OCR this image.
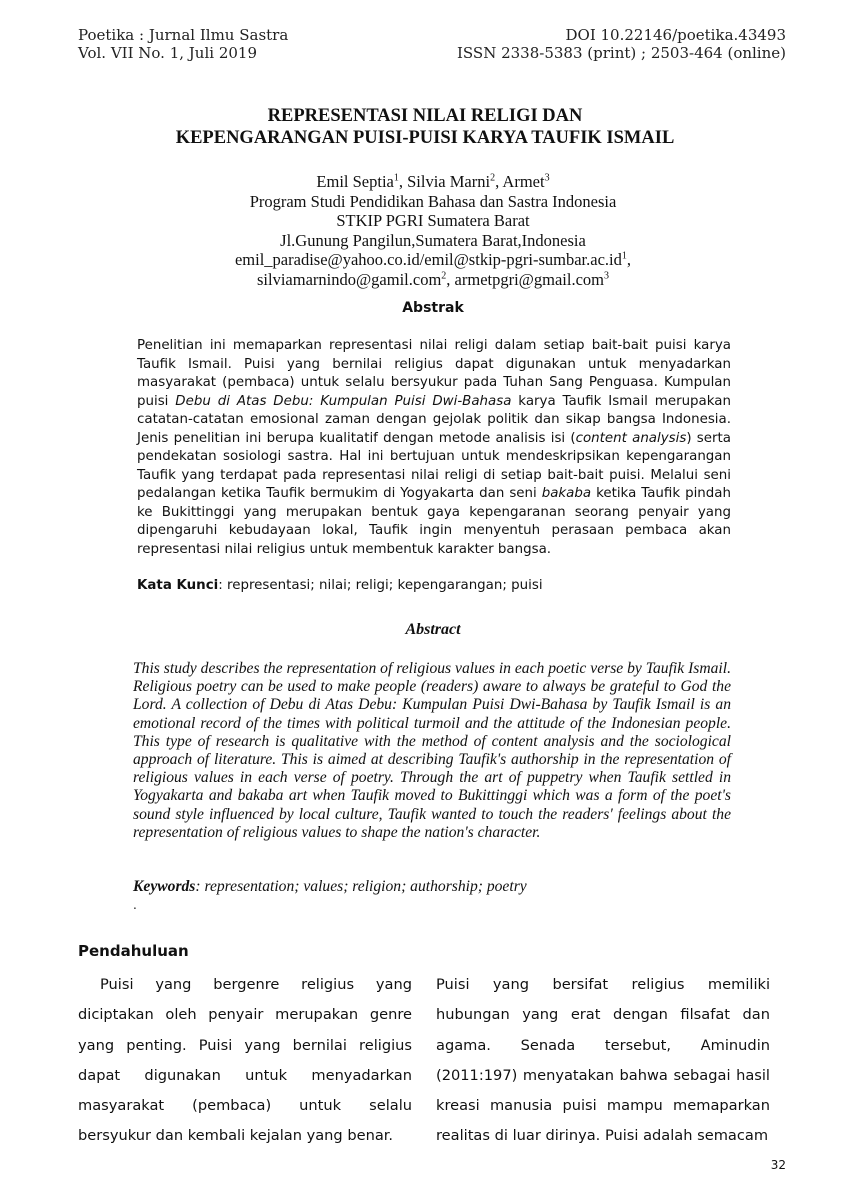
Poetika : Jurnal Ilmu Sastra
Vol. VII No. 1, Juli 2019
DOI 10.22146/poetika.43493
ISSN 2338-5383 (print) ; 2503-464 (online)
REPRESENTASI NILAI RELIGI DAN
KEPENGARANGAN PUISI-PUISI KARYA TAUFIK ISMAIL
Emil Septia$^1$, Silvia Marni$^2$, Armet$^3$
Program Studi Pendidikan Bahasa dan Sastra Indonesia
STKIP PGRI Sumatera Barat
Jl.Gunung Pangilun,Sumatera Barat,Indonesia
$emil\_paradise@yahoo.co.id/emil@stkip-pgri-sumbar.ac.id^1$,
silviamarnindo@gamil.com$^2$, armetpgri@gmail.com$^3$
Abstrak

Penelitian ini memaparkan representasi nilai religi dalam setiap bait-bait puisi karya Taufik Ismail. Puisi yang bernilai religius dapat digunakan untuk menyadarkan masyarakat (pembaca) untuk selalu bersyukur pada Tuhan Sang Penguasa. Kumpulan puisi Debu di Atas Debu: Kumpulan Puisi Dwi-Bahasa karya Taufik Ismail merupakan catatan-catatan emosional zaman dengan gejolak politik dan sikap bangsa Indonesia. Jenis penelitian ini berupa kualitatif dengan metode analisis isi (content analysis) serta pendekatan sosiologi sastra. Hal ini bertujuan untuk mendeskripsikan kepengarangan Taufik yang terdapat pada representasi nilai religi di setiap bait-bait puisi. Melalui seni pedalangan ketika Taufik bermukim di Yogyakarta dan seni bakaba ketika Taufik pindah ke Bukittinggi yang merupakan bentuk gaya kepengaranan seorang penyair yang dipengaruhi kebudayaan lokal, Taufik ingin menyentuh perasaan pembaca akan representasi nilai religius untuk membentuk karakter bangsa.

Kata Kunci: representasi; nilai; religi; kepengarangan; puisi
Abstract

This study describes the representation of religious values in each poetic verse by Taufik Ismail. Religious poetry can be used to make people (readers) aware to always be grateful to God the Lord. A collection of Debu di Atas Debu: Kumpulan Puisi Dwi-Bahasa by Taufik Ismail is an emotional record of the times with political turmoil and the attitude of the Indonesian people. This type of research is qualitative with the method of content analysis and the sociological approach of literature. This is aimed at describing Taufik's authorship in the representation of religious values in each verse of poetry. Through the art of puppetry when Taufik settled in Yogyakarta and bakaba art when Taufik moved to Bukittinggi which was a form of the poet's sound style influenced by local culture, Taufik wanted to touch the readers' feelings about the representation of religious values to shape the nation's character.

Keywords: representation; values; religion; authorship; poetry
.
Pendahuluan

Puisi yang bergenre religius yang diciptakan oleh penyair merupakan genre yang penting. Puisi yang bernilai religius dapat digunakan untuk menyadarkan masyarakat (pembaca) untuk selalu bersyukur dan kembali kejalan yang benar.

Puisi yang bersifat religius memiliki hubungan yang erat dengan filsafat dan agama. Senada tersebut, Aminudin (2011:197) menyatakan bahwa sebagai hasil kreasi manusia puisi mampu memaparkan realitas di luar dirinya. Puisi adalah semacam

32
